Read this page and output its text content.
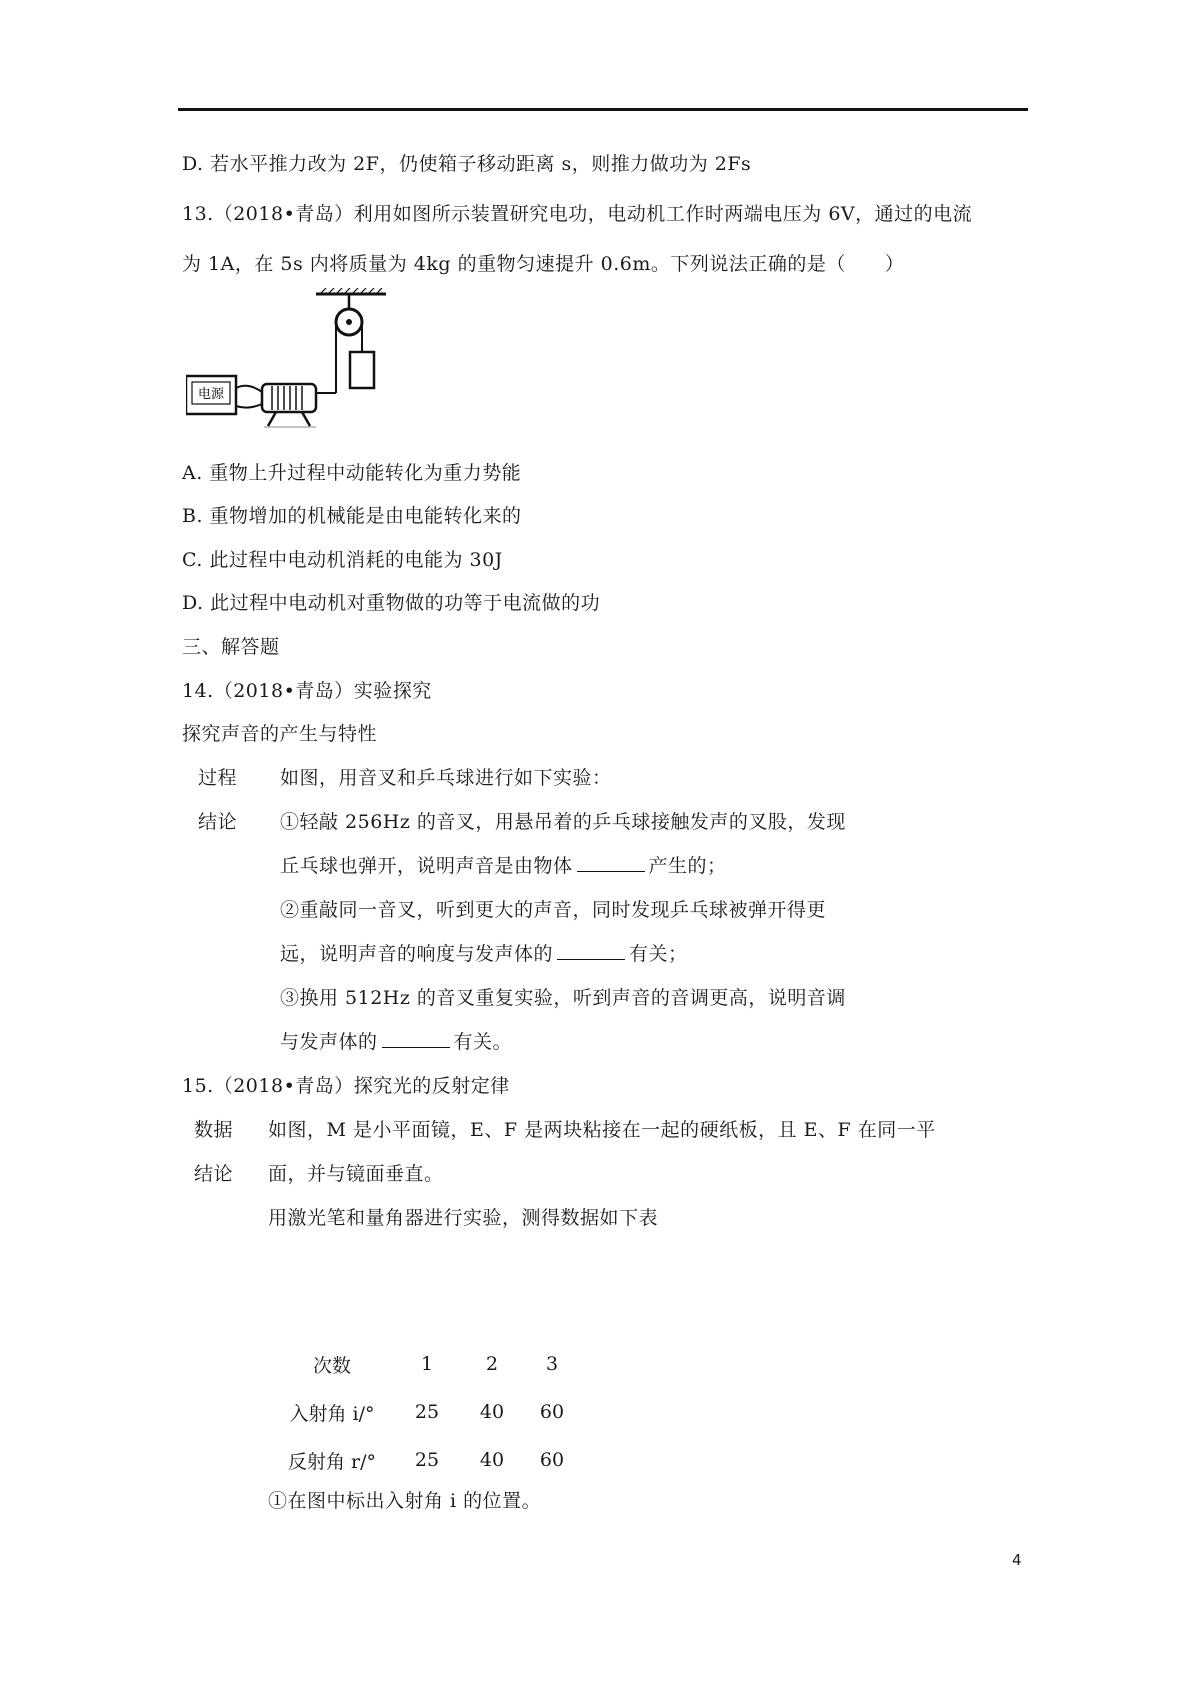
D. 若水平推力改为 2F，仍使箱子移动距离 s，则推力做功为 2Fs
13.（2018•青岛）利用如图所示装置研究电功，电动机工作时两端电压为 6V，通过的电流
为 1A，在 5s 内将质量为 4kg 的重物匀速提升 0.6m。下列说法正确的是（　　）
电源
A. 重物上升过程中动能转化为重力势能
B. 重物增加的机械能是由电能转化来的
C. 此过程中电动机消耗的电能为 30J
D. 此过程中电动机对重物做的功等于电流做的功
三、解答题
14.（2018•青岛）实验探究
探究声音的产生与特性
过程 如图，用音叉和乒乓球进行如下实验：
结论 ①轻敲 256Hz 的音叉，用悬吊着的乒乓球接触发声的叉股，发现
丘乓球也弹开，说明声音是由物体	产生的；
②重敲同一音叉，听到更大的声音，同时发现乒乓球被弹开得更
远，说明声音的响度与发声体的	有关；
③换用 512Hz 的音叉重复实验，听到声音的音调更高，说明音调
与发声体的	有关。
15.（2018•青岛）探究光的反射定律
数据 如图，M 是小平面镜，E、F 是两块粘接在一起的硬纸板，且 E、F 在同一平
结论 面，并与镜面垂直。
用激光笔和量角器进行实验，测得数据如下表
次数	1	2	3
入射角 i/°	25	40	60
反射角 r/°	25	40	60
①在图中标出入射角 i 的位置。
4
